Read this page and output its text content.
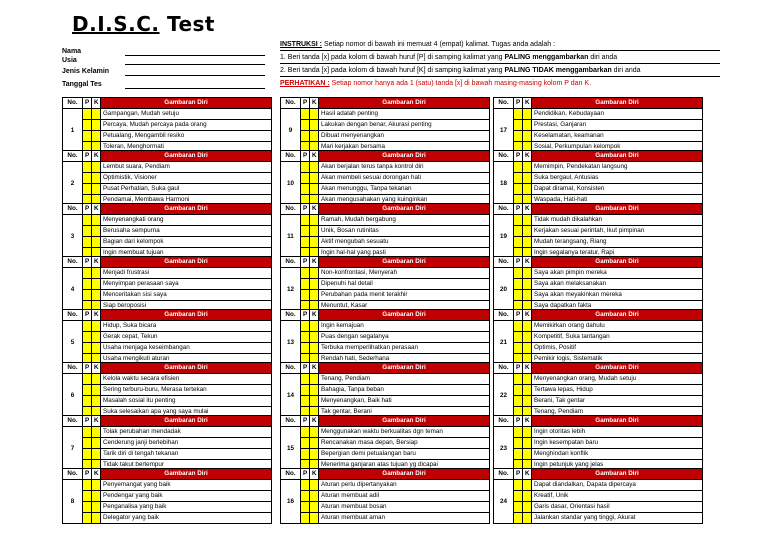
D.I.S.C. Test
Nama
Usia
Jenis Kelamin
Tanggal Tes
INSTRUKSI : Setiap nomor di bawah ini memuat 4 (empat) kalimat. Tugas anda adalah :
1. Beri tanda [x] pada kolom di bawah huruf [P] di samping kalimat yang PALING menggambarkan diri anda
2. Beri tanda [x] pada kolom di bawah huruf [K] di samping kalimat yang PALING TIDAK menggambarkan diri anda
PERHATIKAN : Setiap nomor hanya ada 1 (satu) tanda [x] di bawah masing-masing kolom P dan K.
No.	P	K	Gambaran Diri
1			Gampangan, Mudah setuju
			Percaya, Mudah percaya pada orang
			Petualang, Mengambil resiko
			Toleran, Menghormati
No.	P	K	Gambaran Diri
2			Lembut suara, Pendiam
			Optimistik, Visioner
			Pusat Perhatian, Suka gaul
			Pendamai, Membawa Harmoni
No.	P	K	Gambaran Diri
3			Menyenangkati orang
			Berusaha sempurna
			Bagian dari kelompok
			Ingin membuat tujuan
No.	P	K	Gambaran Diri
4			Menjadi frustrasi
			Menyimpan perasaan saya
			Menceritakan sisi saya
			Siap beroposisi
No.	P	K	Gambaran Diri
5			Hidup, Suka bicara
			Gerak cepat, Tekun
			Usaha menjaga keseimbangan
			Usaha mengikuti aturan
No.	P	K	Gambaran Diri
6			Kelola waktu secara efisien
			Sering terburu-buru, Merasa tertekan
			Masalah sosial itu penting
			Suka selesaikan apa yang saya mulai
No.	P	K	Gambaran Diri
7			Tolak perubahan mendadak
			Cenderung janji berlebihan
			Tarik diri di tengah tekanan
			Tidak takut bertempur
No.	P	K	Gambaran Diri
8			Penyemangat yang baik
			Pendengar yang baik
			Penganalisa yang baik
			Delegator yang baik
No.	P	K	Gambaran Diri
9			Hasil adalah penting
			Lakukan dengan benar, Akurasi penting
			Dibuat menyenangkan
			Mari kerjakan bersama
No.	P	K	Gambaran Diri
10			Akan berjalan terus tanpa kontrol diri
			Akan membeli sesuai dorongan hati
			Akan menunggu, Tanpa tekanan
			Akan mengusahakan yang kuinginkan
No.	P	K	Gambaran Diri
11			Ramah, Mudah bergabung
			Unik, Bosan rutinitas
			Aktif mengubah sesuatu
			Ingin hal-hal yang pasti
No.	P	K	Gambaran Diri
12			Non-konfrontasi, Menyerah
			Dipenuhi hal detail
			Perubahan pada menit terakhir
			Menuntut, Kasar
No.	P	K	Gambaran Diri
13			Ingin kemajuan
			Puas dengan segalanya
			Terbuka memperlihatkan perasaan
			Rendah hati, Sederhana
No.	P	K	Gambaran Diri
14			Tenang, Pendiam
			Bahagia, Tanpa beban
			Menyenangkan, Baik hati
			Tak gentar, Berani
No.	P	K	Gambaran Diri
15			Menggunakan waktu berkualitas dgn teman
			Rencanakan masa depan, Bersiap
			Bepergian demi petualangan baru
			Menerima ganjaran atas tujuan yg dicapai
No.	P	K	Gambaran Diri
16			Aturan perlu dipertanyakan
			Aturan membuat adil
			Aturan membuat bosan
			Aturan membuat aman
No.	P	K	Gambaran Diri
17			Pendidikan, Kebudayaan
			Prestasi, Ganjaran
			Keselamatan, keamanan
			Sosial, Perkumpulan kelompok
No.	P	K	Gambaran Diri
18			Memimpin, Pendekatan langsung
			Suka bergaul, Antusias
			Dapat diramal, Konsisten
			Waspada, Hati-hati
No.	P	K	Gambaran Diri
19			Tidak mudah dikalahkan
			Kerjakan sesuai perintah, Ikut pimpinan
			Mudah terangsang, Riang
			Ingin segalanya teratur, Rapi
No.	P	K	Gambaran Diri
20			Saya akan pimpin mereka
			Saya akan melaksanakan
			Saya akan meyakinkan mereka
			Saya dapatkan fakta
No.	P	K	Gambaran Diri
21			Memikirkan orang dahulu
			Kompetitif, Suka tantangan
			Optimis, Positif
			Pemikir logis, Sistematik
No.	P	K	Gambaran Diri
22			Menyenangkan orang, Mudah setuju
			Tertawa lepas, Hidup
			Berani, Tak gentar
			Tenang, Pendiam
No.	P	K	Gambaran Diri
23			Ingin otoritas lebih
			Ingin kesempatan baru
			Menghindari konflik
			Ingin petunjuk yang jelas
No.	P	K	Gambaran Diri
24			Dapat diandalkan, Dapata dipercaya
			Kreatif, Unik
			Garis dasar, Orientasi hasil
			Jalankan standar yang tinggi, Akurat
